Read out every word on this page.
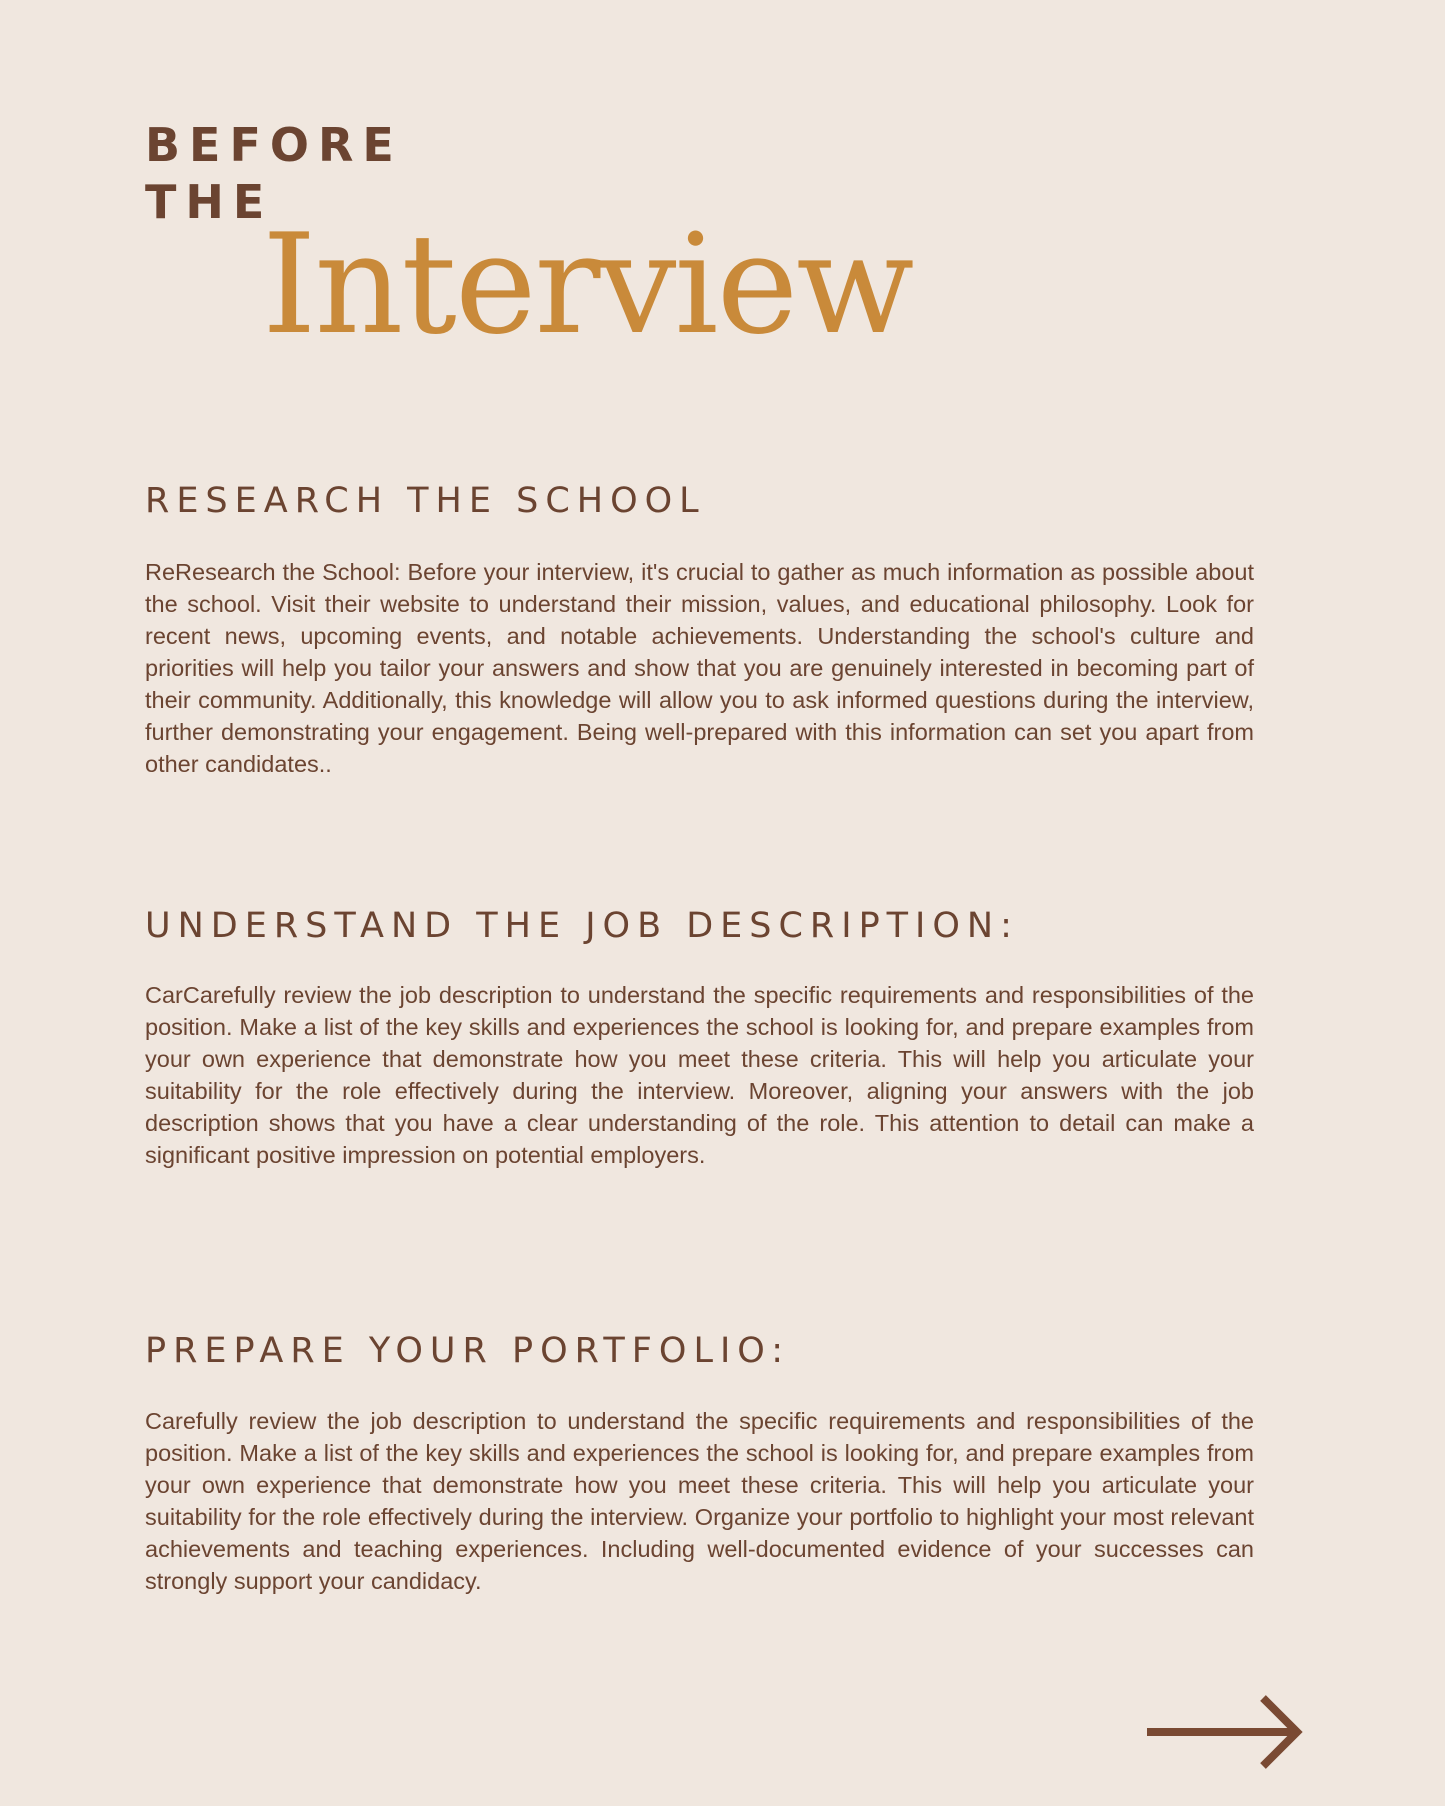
BEFORE
THE
Interview
RESEARCH THE SCHOOL

ReResearch the School: Before your interview, it's crucial to gather as much information as possible about the school. Visit their website to understand their mission, values, and educational philosophy. Look for recent news, upcoming events, and notable achievements. Understanding the school's culture and priorities will help you tailor your answers and show that you are genuinely interested in becoming part of their community. Additionally, this knowledge will allow you to ask informed questions during the interview, further demonstrating your engagement. Being well-prepared with this information can set you apart from other candidates..

UNDERSTAND THE JOB DESCRIPTION:

CarCarefully review the job description to understand the specific requirements and responsibilities of the position. Make a list of the key skills and experiences the school is looking for, and prepare examples from your own experience that demonstrate how you meet these criteria. This will help you articulate your suitability for the role effectively during the interview. Moreover, aligning your answers with the job description shows that you have a clear understanding of the role. This attention to detail can make a significant positive impression on potential employers.

PREPARE YOUR PORTFOLIO:

Carefully review the job description to understand the specific requirements and responsibilities of the position. Make a list of the key skills and experiences the school is looking for, and prepare examples from your own experience that demonstrate how you meet these criteria. This will help you articulate your suitability for the role effectively during the interview. Organize your portfolio to highlight your most relevant achievements and teaching experiences. Including well-documented evidence of your successes can strongly support your candidacy.
